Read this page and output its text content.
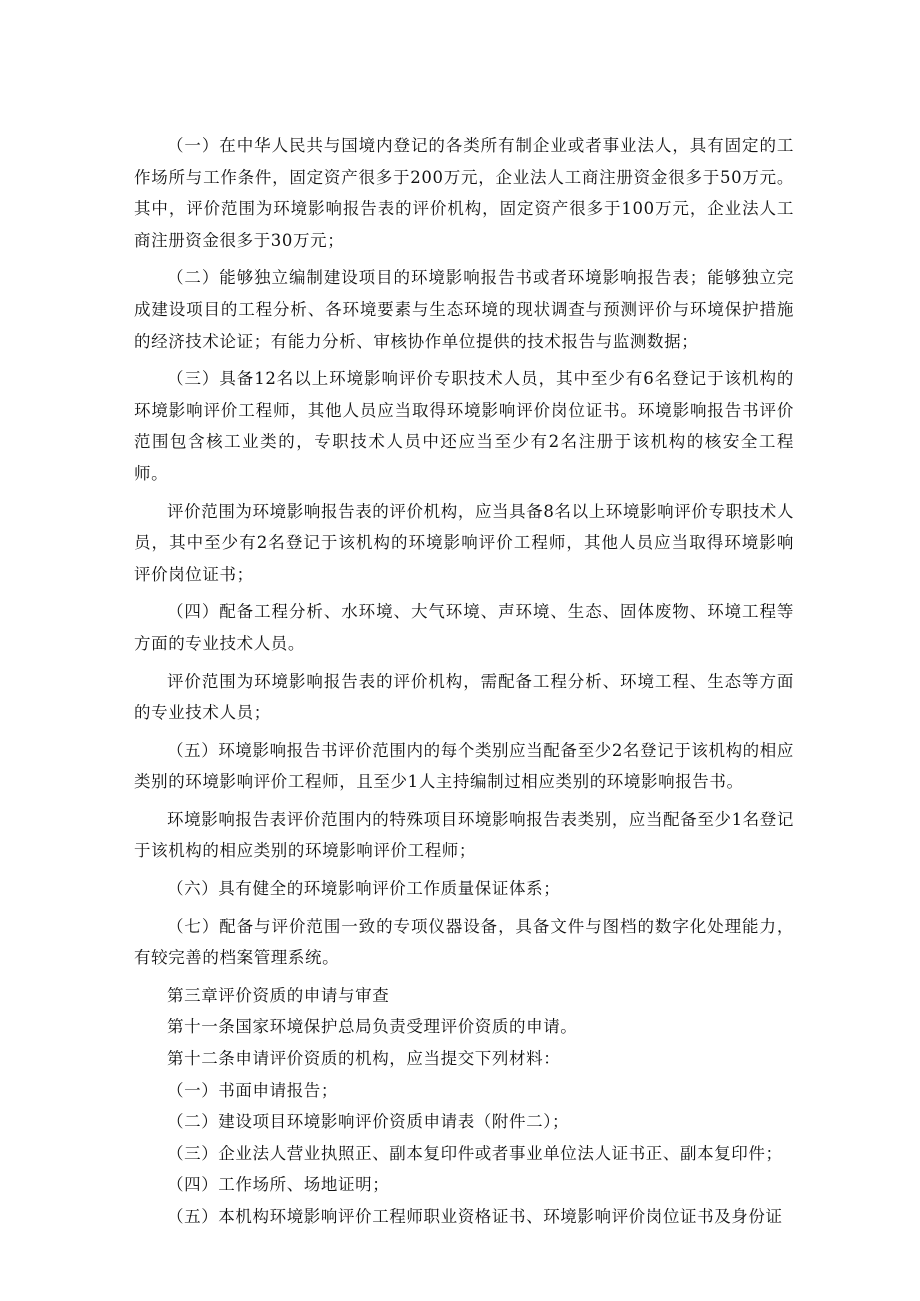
（一）在中华人民共与国境内登记的各类所有制企业或者事业法人，具有固定的工作场所与工作条件，固定资产很多于200万元，企业法人工商注册资金很多于50万元。其中，评价范围为环境影响报告表的评价机构，固定资产很多于100万元，企业法人工商注册资金很多于30万元；

（二）能够独立编制建设项目的环境影响报告书或者环境影响报告表；能够独立完成建设项目的工程分析、各环境要素与生态环境的现状调查与预测评价与环境保护措施的经济技术论证；有能力分析、审核协作单位提供的技术报告与监测数据；

（三）具备12名以上环境影响评价专职技术人员，其中至少有6名登记于该机构的环境影响评价工程师，其他人员应当取得环境影响评价岗位证书。环境影响报告书评价范围包含核工业类的，专职技术人员中还应当至少有2名注册于该机构的核安全工程师。

评价范围为环境影响报告表的评价机构，应当具备8名以上环境影响评价专职技术人员，其中至少有2名登记于该机构的环境影响评价工程师，其他人员应当取得环境影响评价岗位证书；

（四）配备工程分析、水环境、大气环境、声环境、生态、固体废物、环境工程等方面的专业技术人员。

评价范围为环境影响报告表的评价机构，需配备工程分析、环境工程、生态等方面的专业技术人员；

（五）环境影响报告书评价范围内的每个类别应当配备至少2名登记于该机构的相应类别的环境影响评价工程师，且至少1人主持编制过相应类别的环境影响报告书。

环境影响报告表评价范围内的特殊项目环境影响报告表类别，应当配备至少1名登记于该机构的相应类别的环境影响评价工程师；

（六）具有健全的环境影响评价工作质量保证体系；

（七）配备与评价范围一致的专项仪器设备，具备文件与图档的数字化处理能力，有较完善的档案管理系统。

第三章评价资质的申请与审查

第十一条国家环境保护总局负责受理评价资质的申请。

第十二条申请评价资质的机构，应当提交下列材料：

（一）书面申请报告；

（二）建设项目环境影响评价资质申请表（附件二）；

（三）企业法人营业执照正、副本复印件或者事业单位法人证书正、副本复印件；

（四）工作场所、场地证明；

（五）本机构环境影响评价工程师职业资格证书、环境影响评价岗位证书及身份证
